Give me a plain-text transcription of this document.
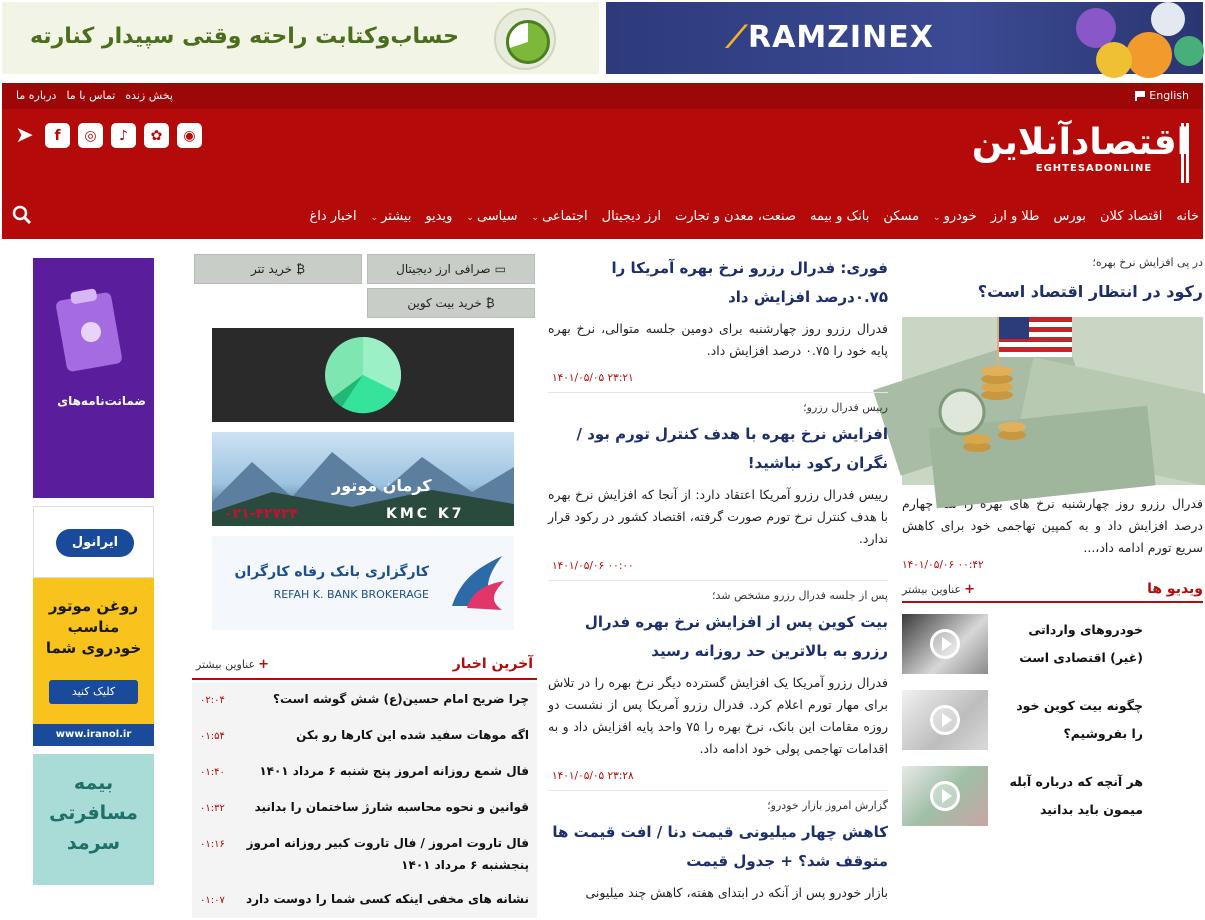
حساب‌وکتابت راحته وقتی سپیدار کنارته	⟋RAMZINEX
English
درباره ما تماس با ما پخش زنده
اقتصادآنلاین
EGHTESADONLINE
◉
✿
♪
◎
f
➤
خانه
اقتصاد کلان
بورس
طلا و ارز
خودرو⌄
مسکن
بانک و بیمه
صنعت، معدن و تجارت
ارز دیجیتال
اجتماعی⌄
سیاسی⌄
ویدیو
بیشتر⌄
اخبار داغ
در پی افزایش نرخ بهره؛
رکود در انتظار اقتصاد است؟
فدرال رزرو روز چهارشنبه نرخ های بهره را سه چهارم درصد افزایش داد و به کمپین تهاجمی خود برای کاهش سریع تورم ادامه داد،...
۰۰:۴۲ ۱۴۰۱/۰۵/۰۶
ویدیو ها
+عناوین بیشتر
خودروهای وارداتی (غیر) اقتصادی است
چگونه بیت کوین خود را بفروشیم؟
هر آنچه که درباره آبله میمون باید بدانید
فوری: فدرال رزرو نرخ بهره آمریکا را ۰.۷۵درصد افزایش داد
فدرال رزرو روز چهارشنبه برای دومین جلسه متوالی، نرخ بهره پایه خود را ۰.۷۵ درصد افزایش داد.
۲۳:۲۱ ۱۴۰۱/۰۵/۰۵
رییس فدرال رزرو؛
افزایش نرخ بهره با هدف کنترل تورم بود / نگران رکود نباشید!
رییس فدرال رزرو آمریکا اعتقاد دارد: از آنجا که افزایش نرخ بهره با هدف کنترل نرخ تورم صورت گرفته، اقتصاد کشور در رکود قرار ندارد.
۰۰:۰۰ ۱۴۰۱/۰۵/۰۶
پس از جلسه فدرال رزرو مشخص شد؛
بیت کوین پس از افزایش نرخ بهره فدرال رزرو به بالاترین حد روزانه رسید
فدرال رزرو آمریکا یک افزایش گسترده دیگر نرخ بهره را در تلاش برای مهار تورم اعلام کرد. فدرال رزرو آمریکا پس از نشست دو روزه مقامات این بانک، نرخ بهره را ۷۵ واحد پایه افزایش داد و به اقدامات تهاجمی پولی خود ادامه داد.
۲۳:۲۸ ۱۴۰۱/۰۵/۰۵
گزارش امروز بازار خودرو؛
کاهش چهار میلیونی قیمت دنا / افت قیمت ها متوقف شد؟ + جدول قیمت
بازار خودرو پس از آنکه در ابتدای هفته، کاهش چند میلیونی
▭
صرافی ارز دیجیتال
₿
خرید تتر
₿
خرید بیت کوین
کرمان موتور
۰۲۱-۴۲۷۲۴	KMC K7
کارگزاری بانک رفاه کارگران
REFAH K. BANK BROKERAGE
آخرین اخبار
+عناوین بیشتر
چرا ضریح امام حسین(ع) شش گوشه است؟
۰۲:۰۴
اگه موهات سفید شده این کارها رو بکن
۰۱:۵۴
فال شمع روزانه امروز پنج شنبه ۶ مرداد ۱۴۰۱
۰۱:۴۰
قوانین و نحوه محاسبه شارژ ساختمان را بدانید
۰۱:۳۲
فال تاروت امروز / فال تاروت کبیر روزانه امروز پنجشنبه ۶ مرداد ۱۴۰۱
۰۱:۱۶
نشانه های مخفی اینکه کسی شما را دوست دارد
۰۱:۰۷
ضمانت‌نامه‌های
ایرانول
روغن موتور مناسب خودروی شما
کلیک کنید
www.iranol.ir
بیمه مسافرتی سرمد
